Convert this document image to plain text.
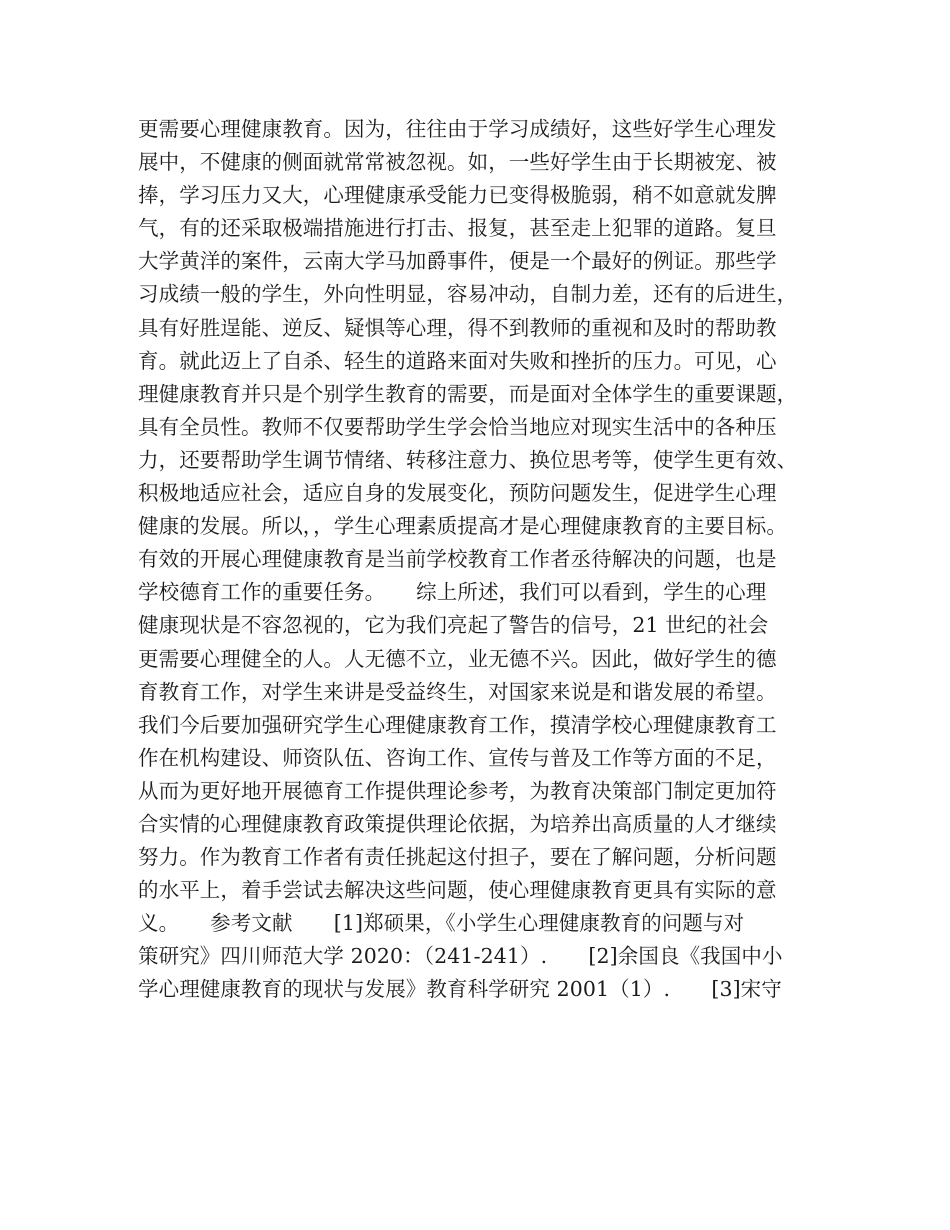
更需要心理健康教育。因为，往往由于学习成绩好，这些好学生心理发
展中，不健康的侧面就常常被忽视。如，一些好学生由于长期被宠、被
捧，学习压力又大，心理健康承受能力已变得极脆弱，稍不如意就发脾
气，有的还采取极端措施进行打击、报复，甚至走上犯罪的道路。复旦
大学黄洋的案件，云南大学马加爵事件，便是一个最好的例证。那些学
习成绩一般的学生，外向性明显，容易冲动，自制力差，还有的后进生，
具有好胜逞能、逆反、疑惧等心理，得不到教师的重视和及时的帮助教
育。就此迈上了自杀、轻生的道路来面对失败和挫折的压力。可见，心
理健康教育并只是个别学生教育的需要，而是面对全体学生的重要课题，
具有全员性。教师不仅要帮助学生学会恰当地应对现实生活中的各种压
力，还要帮助学生调节情绪、转移注意力、换位思考等，使学生更有效、
积极地适应社会，适应自身的发展变化，预防问题发生，促进学生心理
健康的发展。所以，，学生心理素质提高才是心理健康教育的主要目标。
有效的开展心理健康教育是当前学校教育工作者丞待解决的问题，也是
学校德育工作的重要任务。　　综上所述，我们可以看到，学生的心理
健康现状是不容忽视的，它为我们亮起了警告的信号，21 世纪的社会
更需要心理健全的人。人无德不立，业无德不兴。因此，做好学生的德
育教育工作，对学生来讲是受益终生，对国家来说是和谐发展的希望。
我们今后要加强研究学生心理健康教育工作，摸清学校心理健康教育工
作在机构建设、师资队伍、咨询工作、宣传与普及工作等方面的不足，
从而为更好地开展德育工作提供理论参考，为教育决策部门制定更加符
合实情的心理健康教育政策提供理论依据，为培养出高质量的人才继续
努力。作为教育工作者有责任挑起这付担子，要在了解问题，分析问题
的水平上，着手尝试去解决这些问题，使心理健康教育更具有实际的意
义。　　参考文献　　[1]郑硕果，《小学生心理健康教育的问题与对
策研究》四川师范大学 2020：（241-241）.　　[2]余国良《我国中小
学心理健康教育的现状与发展》教育科学研究 2001（1）.　　[3]宋守
